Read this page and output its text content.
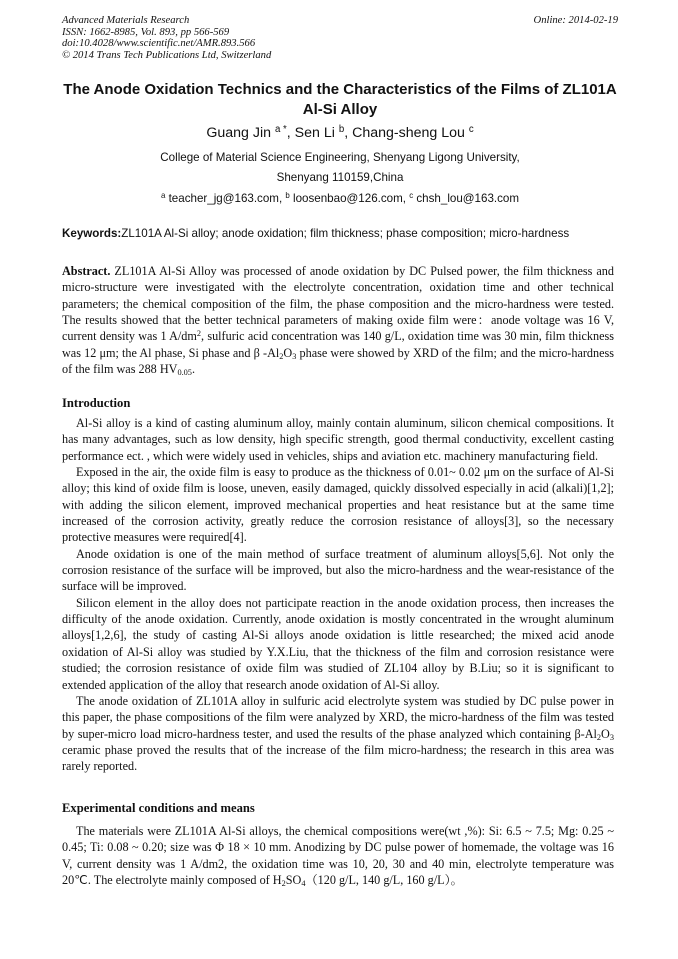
Advanced Materials Research
ISSN: 1662-8985, Vol. 893, pp 566-569
doi:10.4028/www.scientific.net/AMR.893.566
© 2014 Trans Tech Publications Ltd, Switzerland
Online: 2014-02-19
The Anode Oxidation Technics and the Characteristics of the Films of ZL101A Al-Si Alloy
Guang Jin $^{a *}$, Sen Li $^b$, Chang-sheng Lou $^c$
College of Material Science Engineering, Shenyang Ligong University,
Shenyang 110159,China
$^a$ teacher_jg@163.com, $^b$ loosenbao@126.com, $^c$ chsh_lou@163.com
Keywords:ZL101A Al-Si alloy; anode oxidation; film thickness; phase composition; micro-hardness
Abstract. ZL101A Al-Si Alloy was processed of anode oxidation by DC Pulsed power, the film thickness and micro-structure were investigated with the electrolyte concentration, oxidation time and other technical parameters; the chemical composition of the film, the phase composition and the micro-hardness were tested. The results showed that the better technical parameters of making oxide film were：anode voltage was 16 V, current density was 1 $A/dm^2$, sulfuric acid concentration was 140 g/L, oxidation time was 30 min, film thickness was 12 μm; the Al phase, Si phase and β $-Al_2O_3$ phase were showed by XRD of the film; and the micro-hardness of the film was 288 $HV_{0.05}$.
Introduction

Al-Si alloy is a kind of casting aluminum alloy, mainly contain aluminum, silicon chemical compositions. It has many advantages, such as low density, high specific strength, good thermal conductivity, excellent casting performance ect. , which were widely used in vehicles, ships and aviation etc. machinery manufacturing field.

Exposed in the air, the oxide film is easy to produce as the thickness of 0.01~ 0.02 μm on the surface of Al-Si alloy; this kind of oxide film is loose, uneven, easily damaged, quickly dissolved especially in acid (alkali)[1,2]; with adding the silicon element, improved mechanical properties and heat resistance but at the same time increased of the corrosion activity, greatly reduce the corrosion resistance of alloys[3], so the necessary protective measures were required[4].

Anode oxidation is one of the main method of surface treatment of aluminum alloys[5,6]. Not only the corrosion resistance of the surface will be improved, but also the micro-hardness and the wear-resistance of the surface will be improved.

Silicon element in the alloy does not participate reaction in the anode oxidation process, then increases the difficulty of the anode oxidation. Currently, anode oxidation is mostly concentrated in the wrought aluminum alloys[1,2,6], the study of casting Al-Si alloys anode oxidation is little researched; the mixed acid anode oxidation of Al-Si alloy was studied by Y.X.Liu, that the thickness of the film and corrosion resistance were studied; the corrosion resistance of oxide film was studied of ZL104 alloy by B.Liu; so it is significant to extended application of the alloy that research anode oxidation of Al-Si alloy.

The anode oxidation of ZL101A alloy in sulfuric acid electrolyte system was studied by DC pulse power in this paper, the phase compositions of the film were analyzed by XRD, the micro-hardness of the film was tested by super-micro load micro-hardness tester, and used the results of the phase analyzed which containing $\beta-Al_2O_3$ ceramic phase proved the results that of the increase of the film micro-hardness; the research in this area was rarely reported.

Experimental conditions and means

The materials were ZL101A Al-Si alloys, the chemical compositions were(wt ,%): Si: 6.5 ~ 7.5; Mg: 0.25 ~ 0.45; Ti: 0.08 ~ 0.20; size was Φ 18 × 10 mm. Anodizing by DC pulse power of homemade, the voltage was 16 V, current density was 1 A/dm2, the oxidation time was 10, 20, 30 and 40 min, electrolyte temperature was 20℃. The electrolyte mainly composed of $H_2SO_4(120$ g/L, 140 g/L, 160 g/L）。
